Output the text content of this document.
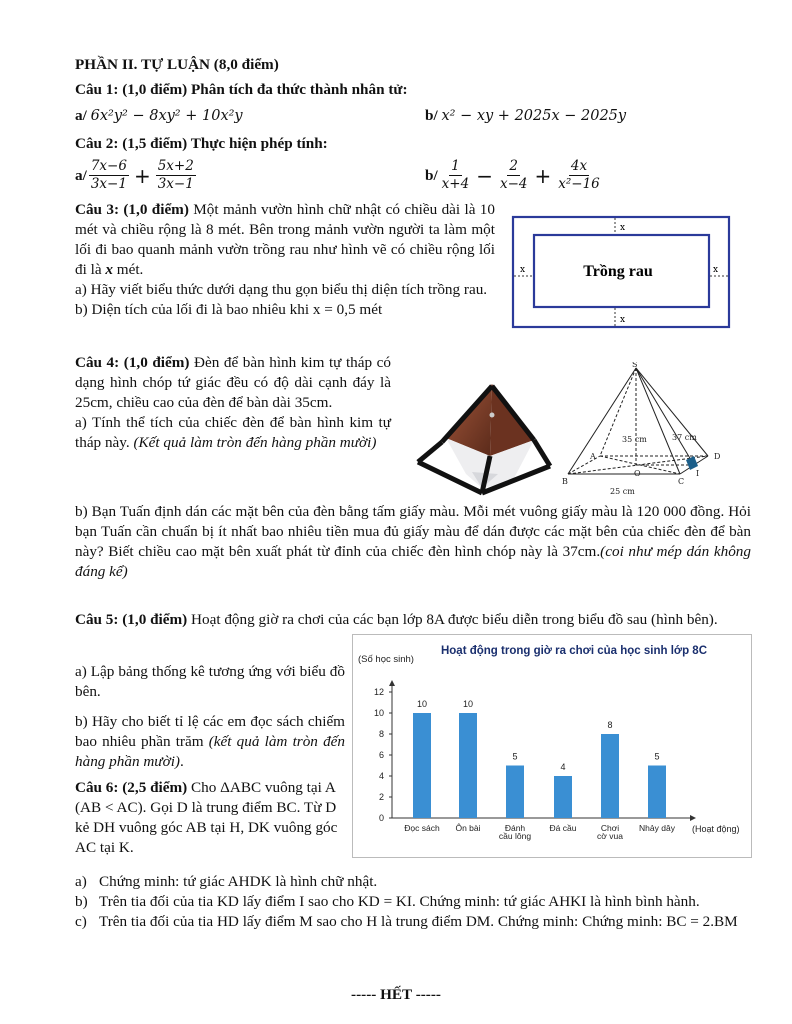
PHẦN II. TỰ LUẬN (8,0 điểm)
Câu 1: (1,0 điểm) Phân tích đa thức thành nhân tử:
a/ 6x²y² − 8xy² + 10x²y	b/ x² − xy + 2025x − 2025y
Câu 2: (1,5 điểm) Thực hiện phép tính:
$a/ \frac{7x-6}{3x-1} + \frac{5x+2}{3x-1}$	$b/ \frac{1}{x+4} - \frac{2}{x-4} + \frac{4x}{\text{x²−16}}$
Câu 3: (1,0 điểm) Một mảnh vườn hình chữ nhật có chiều dài là 10 mét và chiều rộng là 8 mét. Bên trong mảnh vườn người ta làm một lối đi bao quanh mảnh vườn trồng rau như hình vẽ có chiều rộng lối đi là x mét.
a) Hãy viết biểu thức dưới dạng thu gọn biểu thị diện tích trồng rau.
b) Diện tích của lối đi là bao nhiêu khi x = 0,5 mét
x
x
x	x
Trồng rau
Câu 4: (1,0 điểm) Đèn để bàn hình kim tự tháp có dạng hình chóp tứ giác đều có độ dài cạnh đáy là 25cm, chiều cao của đèn để bàn dài 35cm.
a) Tính thể tích của chiếc đèn để bàn hình kim tự tháp này. (Kết quả làm tròn đến hàng phần mười)
b) Bạn Tuấn định dán các mặt bên của đèn bằng tấm giấy màu. Mỗi mét vuông giấy màu là 120 000 đồng. Hỏi bạn Tuấn cần chuẩn bị ít nhất bao nhiêu tiền mua đủ giấy màu để dán được các mặt bên của chiếc đèn để bàn này? Biết chiều cao mặt bên xuất phát từ đỉnh của chiếc đèn hình chóp này là 37cm.(coi như mép dán không đáng kể)
S
A
B	C
D
O	I
35 cm	37 cm
25 cm
Câu 5: (1,0 điểm) Hoạt động giờ ra chơi của các bạn lớp 8A được biểu diễn trong biểu đồ sau (hình bên).
a) Lập bảng thống kê tương ứng với biểu đồ bên.
b) Hãy cho biết tỉ lệ các em đọc sách chiếm bao nhiêu phần trăm (kết quả làm tròn đến hàng phần mười).
Hoạt động trong giờ ra chơi của học sinh lớp 8C
(Số học sinh)
(Hoạt động)
0
2
4
6
8
10
12
10
Đọc sách
10
Ôn bài
5
Đánh
cầu lông
4
Đá cầu
8
Chơi
cờ vua
5
Nhảy dây
Câu 6: (2,5 điểm) Cho ΔABC vuông tại A (AB < AC). Gọi D là trung điểm BC. Từ D kẻ DH vuông góc AB tại H, DK vuông góc AC tại K.
a) Chứng minh: tứ giác AHDK là hình chữ nhật.
b) Trên tia đối của tia KD lấy điểm I sao cho KD = KI. Chứng minh: tứ giác AHKI là hình bình hành.
c) Trên tia đối của tia HD lấy điểm M sao cho H là trung điểm DM. Chứng minh: Chứng minh: BC = 2.BM
----- HẾT -----
